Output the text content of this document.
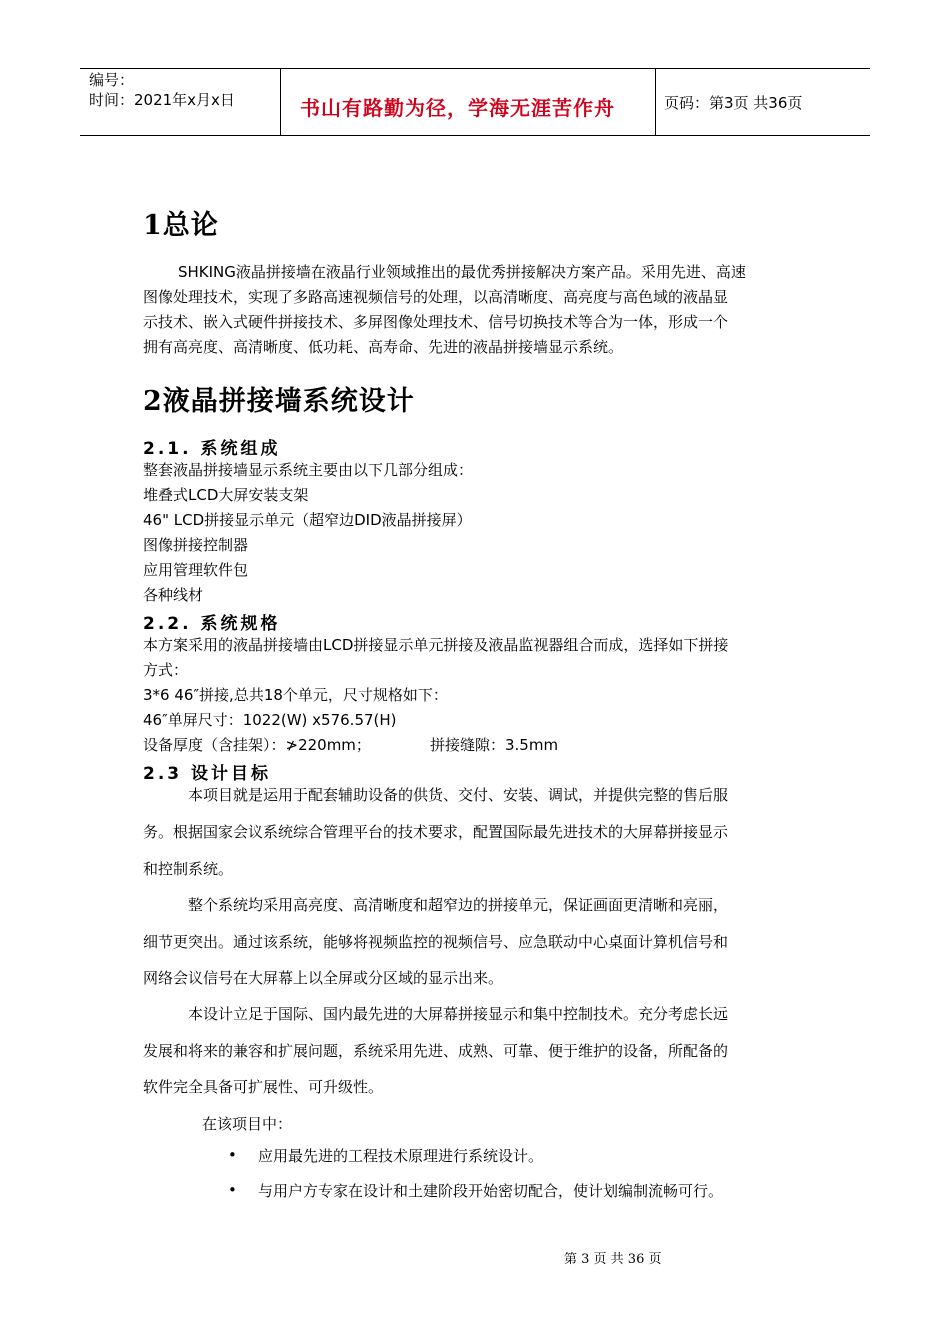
编号：
时间：2021年x月x日	书山有路勤为径，学海无涯苦作舟	页码：第3页 共36页
1总论
SHKING液晶拼接墙在液晶行业领域推出的最优秀拼接解决方案产品。采用先进、高速
图像处理技术，实现了多路高速视频信号的处理，以高清晰度、高亮度与高色域的液晶显
示技术、嵌入式硬件拼接技术、多屏图像处理技术、信号切换技术等合为一体，形成一个
拥有高亮度、高清晰度、低功耗、高寿命、先进的液晶拼接墙显示系统。
2液晶拼接墙系统设计
2.1. 系统组成
整套液晶拼接墙显示系统主要由以下几部分组成：
堆叠式LCD大屏安装支架
46" LCD拼接显示单元（超窄边DID液晶拼接屏）
图像拼接控制器
应用管理软件包
各种线材
2.2. 系统规格
本方案采用的液晶拼接墙由LCD拼接显示单元拼接及液晶监视器组合而成，选择如下拼接
方式：
3*6 46″拼接,总共18个单元，尺寸规格如下：
46″单屏尺寸：1022(W) x576.57(H)
设备厚度（含挂架）：≯220mm；	拼接缝隙：3.5mm
2.3 设计目标
本项目就是运用于配套辅助设备的供货、交付、安装、调试，并提供完整的售后服
务。根据国家会议系统综合管理平台的技术要求，配置国际最先进技术的大屏幕拼接显示
和控制系统。
整个系统均采用高亮度、高清晰度和超窄边的拼接单元，保证画面更清晰和亮丽，
细节更突出。通过该系统，能够将视频监控的视频信号、应急联动中心桌面计算机信号和
网络会议信号在大屏幕上以全屏或分区域的显示出来。
本设计立足于国际、国内最先进的大屏幕拼接显示和集中控制技术。充分考虑长远
发展和将来的兼容和扩展问题，系统采用先进、成熟、可靠、便于维护的设备，所配备的
软件完全具备可扩展性、可升级性。
在该项目中：
• 应用最先进的工程技术原理进行系统设计。
• 与用户方专家在设计和土建阶段开始密切配合，使计划编制流畅可行。
第 3 页 共 36 页
